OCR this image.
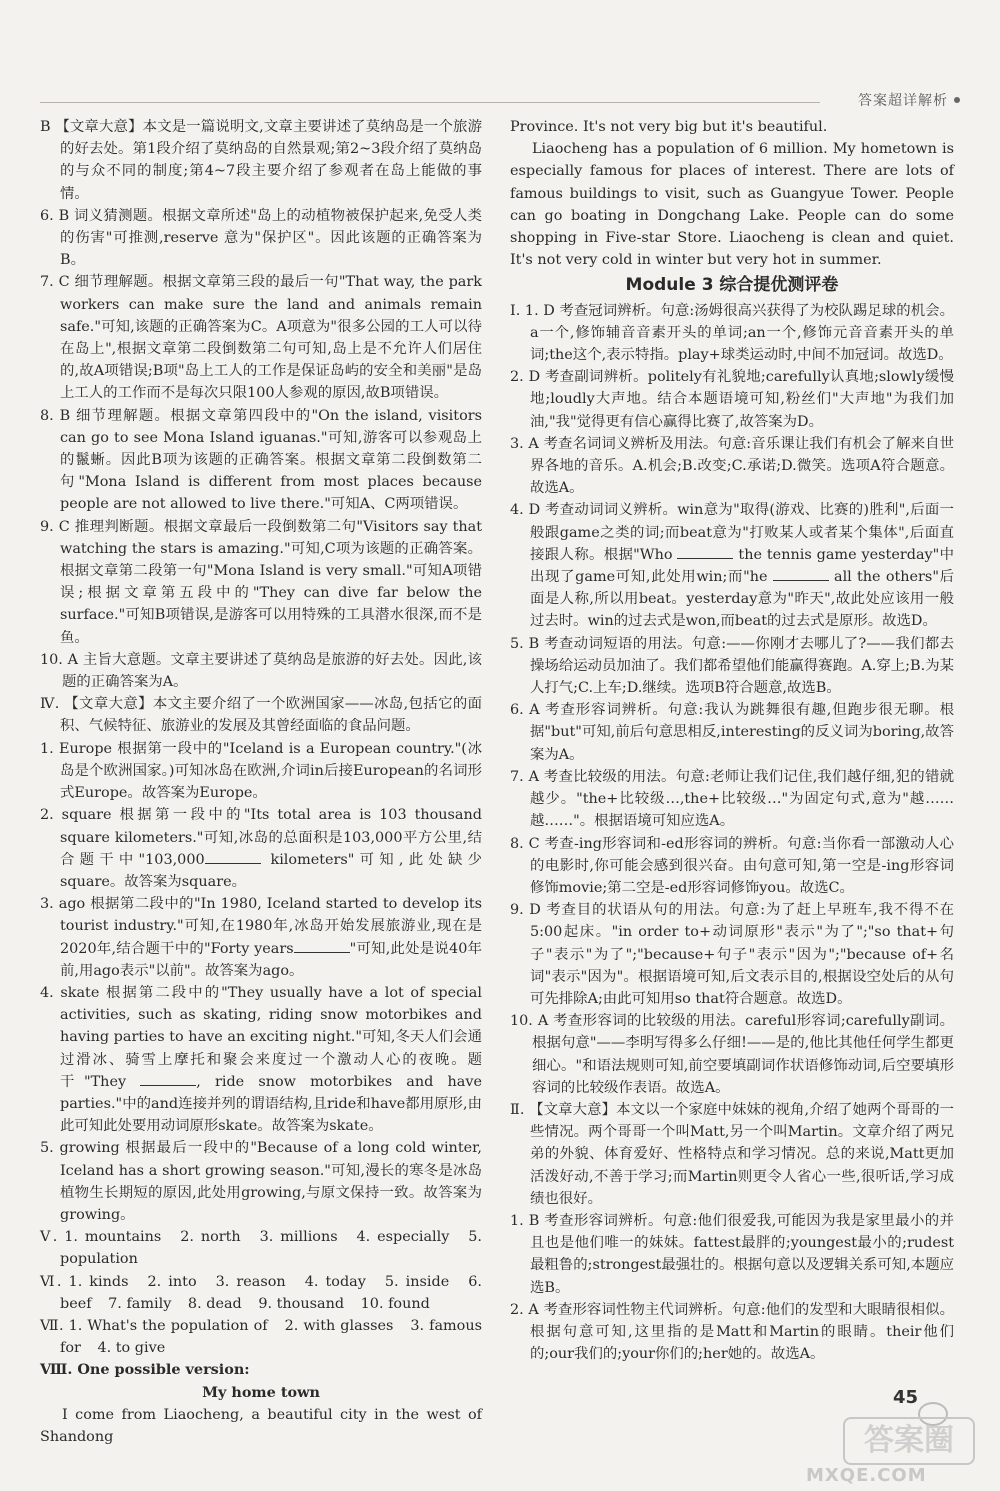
答案超详解析

B 【文章大意】本文是一篇说明文,文章主要讲述了莫纳岛是一个旅游的好去处。第1段介绍了莫纳岛的自然景观;第2~3段介绍了莫纳岛的与众不同的制度;第4~7段主要介绍了参观者在岛上能做的事情。

6. B 词义猜测题。根据文章所述"岛上的动植物被保护起来,免受人类的伤害"可推测,reserve 意为"保护区"。因此该题的正确答案为B。

7. C 细节理解题。根据文章第三段的最后一句"That way, the park workers can make sure the land and animals remain safe."可知,该题的正确答案为C。A项意为"很多公园的工人可以待在岛上",根据文章第二段倒数第二句可知,岛上是不允许人们居住的,故A项错误;B项"岛上工人的工作是保证岛屿的安全和美丽"是岛上工人的工作而不是每次只限100人参观的原因,故B项错误。

8. B 细节理解题。根据文章第四段中的"On the island, visitors can go to see Mona Island iguanas."可知,游客可以参观岛上的鬣蜥。因此B项为该题的正确答案。根据文章第二段倒数第二句"Mona Island is different from most places because people are not allowed to live there."可知A、C两项错误。

9. C 推理判断题。根据文章最后一段倒数第二句"Visitors say that watching the stars is amazing."可知,C项为该题的正确答案。根据文章第二段第一句"Mona Island is very small."可知A项错误;根据文章第五段中的"They can dive far below the surface."可知B项错误,是游客可以用特殊的工具潜水很深,而不是鱼。

10. A 主旨大意题。文章主要讲述了莫纳岛是旅游的好去处。因此,该题的正确答案为A。

Ⅳ. 【文章大意】本文主要介绍了一个欧洲国家——冰岛,包括它的面积、气候特征、旅游业的发展及其曾经面临的食品问题。

1. Europe 根据第一段中的"Iceland is a European country."(冰岛是个欧洲国家。)可知冰岛在欧洲,介词in后接European的名词形式Europe。故答案为Europe。

2. square 根据第一段中的"Its total area is 103 thousand square kilometers."可知,冰岛的总面积是103,000平方公里,结合题干中"103,000	kilometers"可知,此处缺少square。故答案为square。

3. ago 根据第二段中的"In 1980, Iceland started to develop its tourist industry."可知,在1980年,冰岛开始发展旅游业,现在是2020年,结合题干中的"Forty years	"可知,此处是说40年前,用ago表示"以前"。故答案为ago。

4. skate 根据第二段中的"They usually have a lot of special activities, such as skating, riding snow motorbikes and having parties to have an exciting night."可知,冬天人们会通过滑冰、骑雪上摩托和聚会来度过一个激动人心的夜晚。题干"They	, ride snow motorbikes and have parties."中的and连接并列的谓语结构,且ride和have都用原形,由此可知此处要用动词原形skate。故答案为skate。

5. growing 根据最后一段中的"Because of a long cold winter, Iceland has a short growing season."可知,漫长的寒冬是冰岛植物生长期短的原因,此处用growing,与原文保持一致。故答案为growing。

Ⅴ. 1. mountains 2. north 3. millions 4. especially 5. population

Ⅵ. 1. kinds 2. into 3. reason 4. today 5. inside 6. beef 7. family 8. dead 9. thousand 10. found

Ⅶ. 1. What's the population of 2. with glasses 3. famous for 4. to give

Ⅷ. One possible version:

My home town

I come from Liaocheng, a beautiful city in the west of Shandong

Province. It's not very big but it's beautiful.

Liaocheng has a population of 6 million. My hometown is especially famous for places of interest. There are lots of famous buildings to visit, such as Guangyue Tower. People can go boating in Dongchang Lake. People can do some shopping in Five-star Store. Liaocheng is clean and quiet. It's not very cold in winter but very hot in summer.

Module 3 综合提优测评卷

Ⅰ. 1. D 考查冠词辨析。句意:汤姆很高兴获得了为校队踢足球的机会。a一个,修饰辅音音素开头的单词;an一个,修饰元音音素开头的单词;the这个,表示特指。play+球类运动时,中间不加冠词。故选D。

2. D 考查副词辨析。politely有礼貌地;carefully认真地;slowly缓慢地;loudly大声地。结合本题语境可知,粉丝们"大声地"为我们加油,"我"觉得更有信心赢得比赛了,故答案为D。

3. A 考查名词词义辨析及用法。句意:音乐课让我们有机会了解来自世界各地的音乐。A.机会;B.改变;C.承诺;D.微笑。选项A符合题意。故选A。

4. D 考查动词词义辨析。win意为"取得(游戏、比赛的)胜利",后面一般跟game之类的词;而beat意为"打败某人或者某个集体",后面直接跟人称。根据"Who	the tennis game yesterday"中出现了game可知,此处用win;而"he	all the others"后面是人称,所以用beat。yesterday意为"昨天",故此处应该用一般过去时。win的过去式是won,而beat的过去式是原形。故选D。

5. B 考查动词短语的用法。句意:——你刚才去哪儿了?——我们都去操场给运动员加油了。我们都希望他们能赢得赛跑。A.穿上;B.为某人打气;C.上车;D.继续。选项B符合题意,故选B。

6. A 考查形容词辨析。句意:我认为跳舞很有趣,但跑步很无聊。根据"but"可知,前后句意思相反,interesting的反义词为boring,故答案为A。

7. A 考查比较级的用法。句意:老师让我们记住,我们越仔细,犯的错就越少。"the+比较级…,the+比较级…"为固定句式,意为"越……越……"。根据语境可知应选A。

8. C 考查-ing形容词和-ed形容词的辨析。句意:当你看一部激动人心的电影时,你可能会感到很兴奋。由句意可知,第一空是-ing形容词修饰movie;第二空是-ed形容词修饰you。故选C。

9. D 考查目的状语从句的用法。句意:为了赶上早班车,我不得不在5:00起床。"in order to+动词原形"表示"为了";"so that+句子"表示"为了";"because+句子"表示"因为";"because of+名词"表示"因为"。根据语境可知,后文表示目的,根据设空处后的从句可先排除A;由此可知用so that符合题意。故选D。

10. A 考查形容词的比较级的用法。careful形容词;carefully副词。根据句意"——李明写得多么仔细!——是的,他比其他任何学生都更细心。"和语法规则可知,前空要填副词作状语修饰动词,后空要填形容词的比较级作表语。故选A。

Ⅱ. 【文章大意】本文以一个家庭中妹妹的视角,介绍了她两个哥哥的一些情况。两个哥哥一个叫Matt,另一个叫Martin。文章介绍了两兄弟的外貌、体育爱好、性格特点和学习情况。总的来说,Matt更加活泼好动,不善于学习;而Martin则更令人省心一些,很听话,学习成绩也很好。

1. B 考查形容词辨析。句意:他们很爱我,可能因为我是家里最小的并且也是他们唯一的妹妹。fattest最胖的;youngest最小的;rudest最粗鲁的;strongest最强壮的。根据句意以及逻辑关系可知,本题应选B。

2. A 考查形容词性物主代词辨析。句意:他们的发型和大眼睛很相似。根据句意可知,这里指的是Matt和Martin的眼睛。their他们的;our我们的;your你们的;her她的。故选A。

45
答案圈
MXQE.COM
